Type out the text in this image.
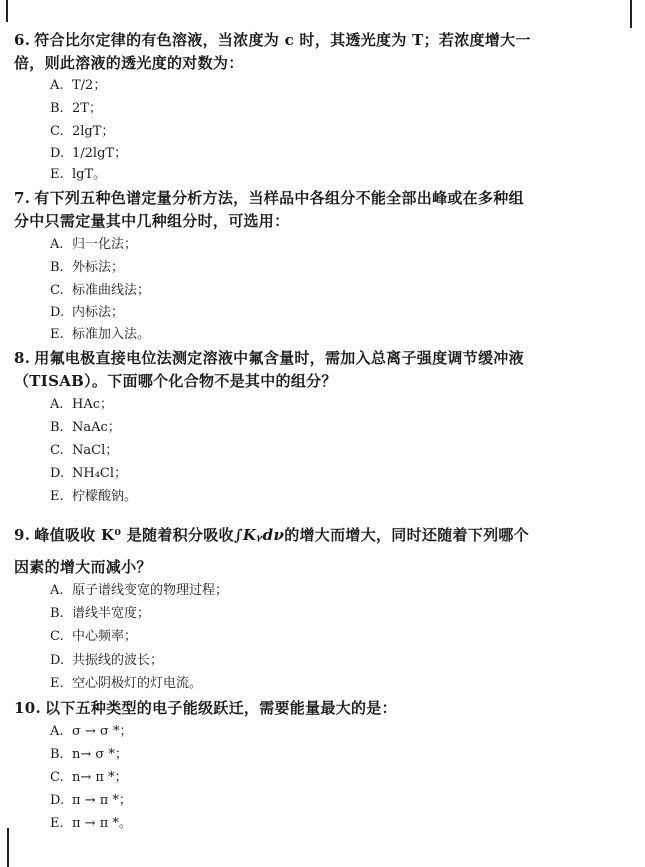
6. 符合比尔定律的有色溶液，当浓度为 c 时，其透光度为 T；若浓度增大一
倍，则此溶液的透光度的对数为：
A. T/2；
B. 2T；
C. 2lgT；
D. 1/2lgT；
E. lgT。
7. 有下列五种色谱定量分析方法，当样品中各组分不能全部出峰或在多种组
分中只需定量其中几种组分时，可选用：
A. 归一化法；
B. 外标法；
C. 标准曲线法；
D. 内标法；
E. 标准加入法。
8. 用氟电极直接电位法测定溶液中氟含量时，需加入总离子强度调节缓冲液
（TISAB）。下面哪个化合物不是其中的组分？
A. HAc；
B. NaAc；
C. NaCl；
D. NH₄Cl；
E. 柠檬酸钠。
9. 峰值吸收 K⁰ 是随着积分吸收∫Kᵧdν的增大而增大，同时还随着下列哪个
因素的增大而减小？
A. 原子谱线变宽的物理过程；
B. 谱线半宽度；
C. 中心频率；
D. 共振线的波长；
E. 空心阴极灯的灯电流。
10. 以下五种类型的电子能级跃迁，需要能量最大的是：
A. σ → σ *；
B. n→ σ *；
C. n→ π *；
D. π → π *；
E. π → π *。
